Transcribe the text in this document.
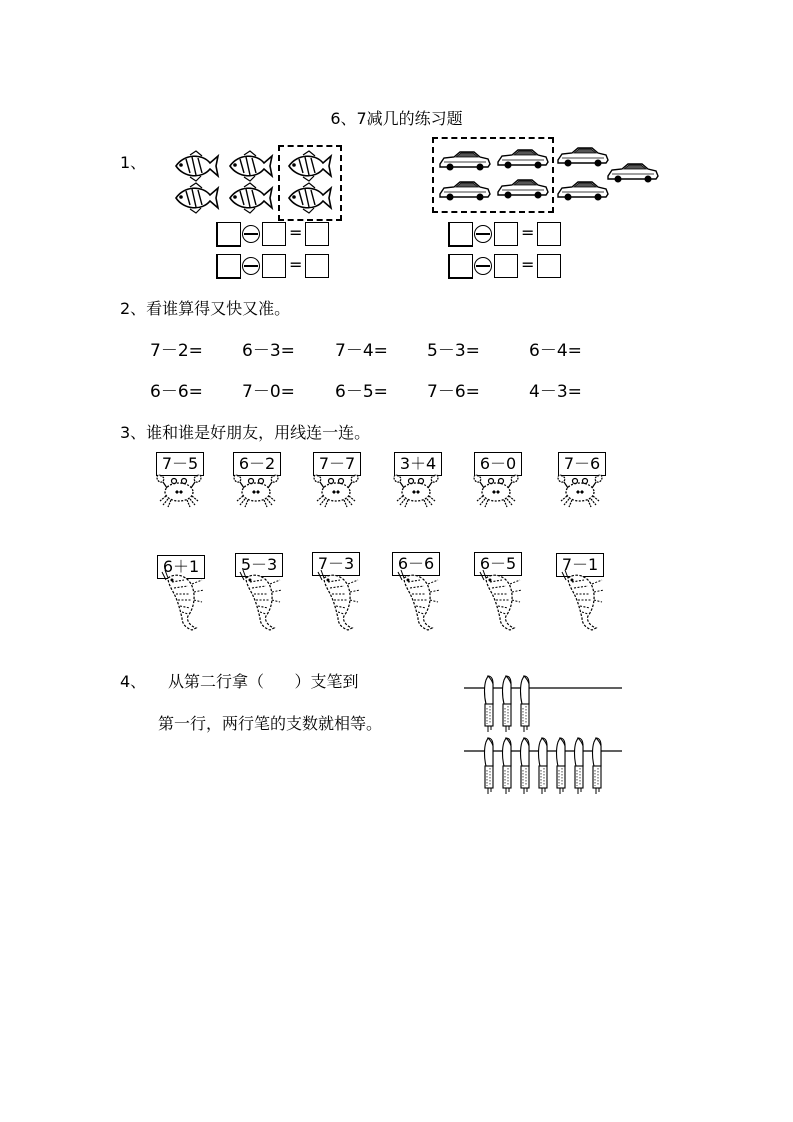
6、7减几的练习题
1、
=
=
=
=
2、看谁算得又快又准。
7－2= 6－3= 7－4= 5－3=	6－4=
6－6= 7－0= 6－5= 7－6=	4－3=
3、谁和谁是好朋友，用线连一连。
7－5	6－2	7－7	3＋4	6－0	7－6
6＋1	5－3	7－3	6－6	6－5	7－1
4、 从第二行拿（      ）支笔到
第一行，两行笔的支数就相等。
